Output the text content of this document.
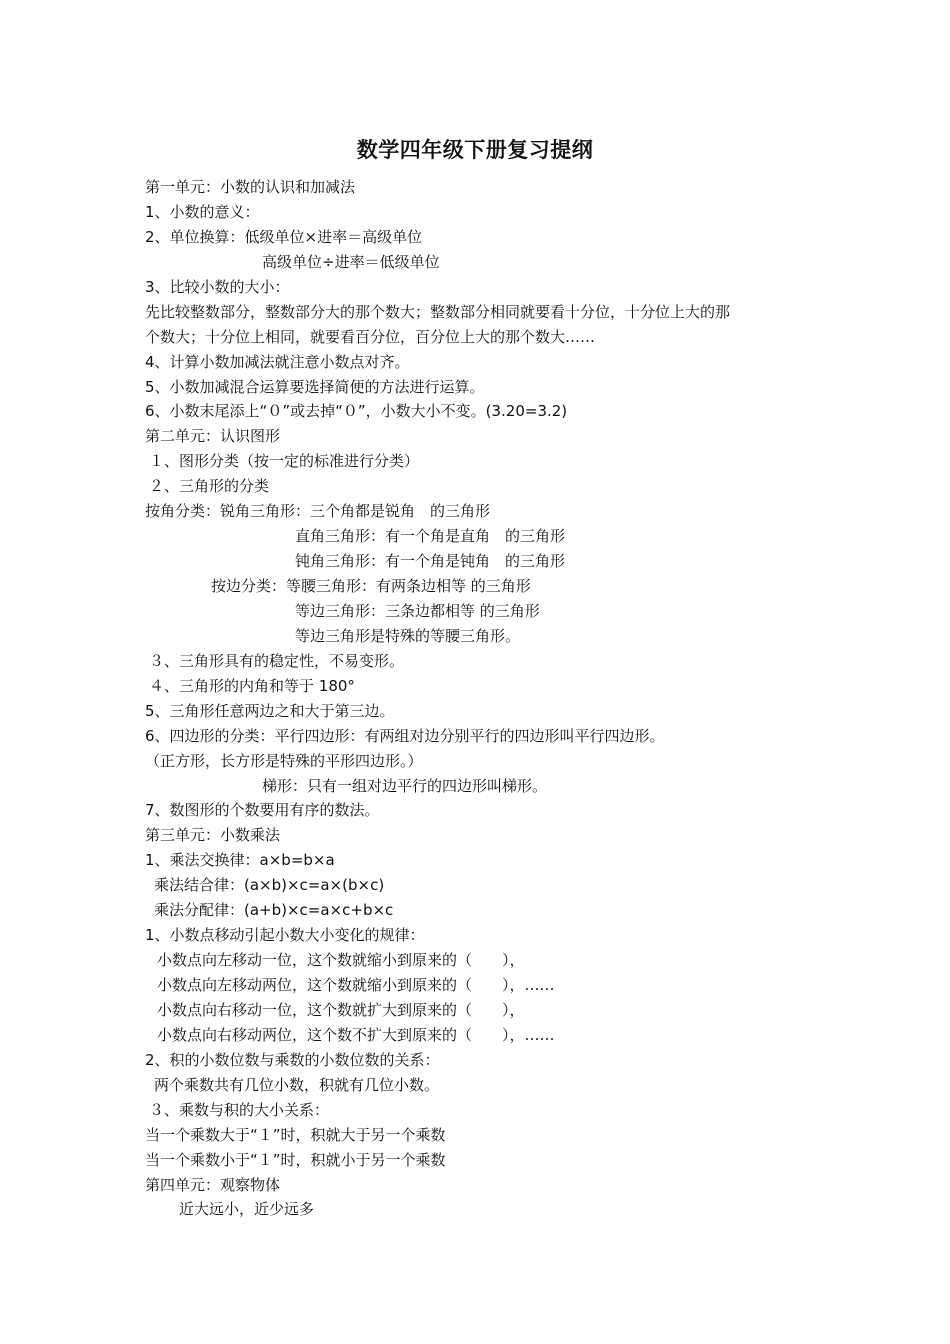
数学四年级下册复习提纲
第一单元：小数的认识和加减法
1、小数的意义：
2、单位换算：低级单位×进率＝高级单位
高级单位÷进率＝低级单位
3、比较小数的大小：
先比较整数部分，整数部分大的那个数大；整数部分相同就要看十分位，十分位上大的那
个数大；十分位上相同，就要看百分位，百分位上大的那个数大……
4、计算小数加减法就注意小数点对齐。
5、小数加减混合运算要选择简便的方法进行运算。
6、小数末尾添上“０”或去掉“０”，小数大小不变。(3.20=3.2)
第二单元：认识图形
１、图形分类（按一定的标准进行分类）
２、三角形的分类
按角分类：锐角三角形：三个角都是锐角　的三角形
直角三角形：有一个角是直角　的三角形
钝角三角形：有一个角是钝角　的三角形
按边分类：等腰三角形：有两条边相等 的三角形
等边三角形：三条边都相等 的三角形
等边三角形是特殊的等腰三角形。
３、三角形具有的稳定性，不易变形。
４、三角形的内角和等于 180°
5、三角形任意两边之和大于第三边。
6、四边形的分类：平行四边形：有两组对边分别平行的四边形叫平行四边形。
（正方形，长方形是特殊的平形四边形。）
梯形：只有一组对边平行的四边形叫梯形。
7、数图形的个数要用有序的数法。
第三单元：小数乘法
1、乘法交换律：a×b=b×a
乘法结合律：(a×b)×c=a×(b×c)
乘法分配律：(a+b)×c=a×c+b×c
1、小数点移动引起小数大小变化的规律：
小数点向左移动一位，这个数就缩小到原来的（　　），
小数点向左移动两位，这个数就缩小到原来的（　　），……
小数点向右移动一位，这个数就扩大到原来的（　　），
小数点向右移动两位，这个数不扩大到原来的（　　），……
2、积的小数位数与乘数的小数位数的关系：
两个乘数共有几位小数，积就有几位小数。
３、乘数与积的大小关系：
当一个乘数大于“１”时，积就大于另一个乘数
当一个乘数小于“１”时，积就小于另一个乘数
第四单元：观察物体
近大远小，近少远多
